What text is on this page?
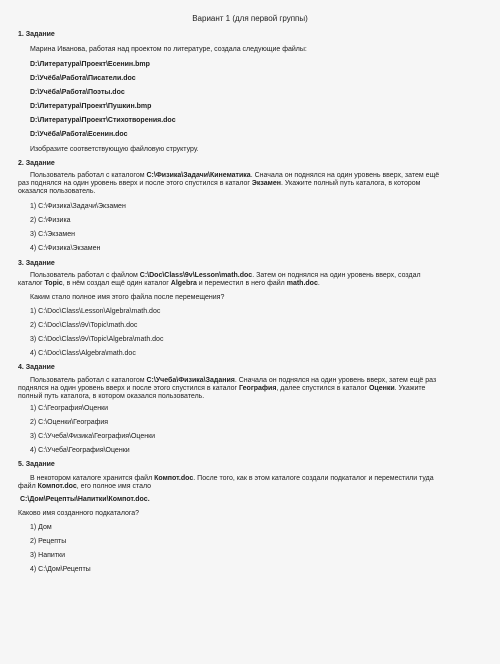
Вариант 1 (для первой группы)
1. Задание
Марина Иванова, работая над проектом по литературе, создала следующие файлы:
D:\Литература\Проект\Есенин.bmp
D:\Учёба\Работа\Писатели.doc
D:\Учёба\Работа\Поэты.doc
D:\Литература\Проект\Пушкин.bmp
D:\Литература\Проект\Стихотворения.doc
D:\Учёба\Работа\Есенин.doc
Изобразите соответствующую файловую структуру.
2. Задание
Пользователь работал с каталогом C:\Физика\Задачи\Кинематика. Сначала он поднялся на один уровень вверх, затем ещё
раз поднялся на один уровень вверх и после этого спустился в каталог Экзамен. Укажите полный путь каталога, в котором
оказался пользователь.
1) C:\Физика\Задачи\Экзамен
2) C:\Физика
3) C:\Экзамен
4) C:\Физика\Экзамен
3. Задание
Пользователь работал с файлом C:\Doc\Class\9v\Lesson\math.doc. Затем он поднялся на один уровень вверх, создал
каталог Topic, в нём создал ещё один каталог Algebra и переместил в него файл math.doc.
Каким стало полное имя этого файла после перемещения?
1) C:\Doc\Class\Lesson\Algebra\math.doc
2) C:\Doc\Class\9v\Topic\math.doc
3) C:\Doc\Class\9v\Topic\Algebra\math.doc
4) C:\Doc\Class\Algebra\math.doc
4. Задание
Пользователь работал с каталогом C:\Учеба\Физика\Задания. Сначала он поднялся на один уровень вверх, затем ещё раз
поднялся на один уровень вверх и после этого спустился в каталог География, далее спустился в каталог Оценки. Укажите
полный путь каталога, в котором оказался пользователь.
1) C:\География\Оценки
2) C:\Оценки\География
3) C:\Учеба\Физика\География\Оценки
4) C:\Учеба\География\Оценки
5. Задание
В некотором каталоге хранится файл Компот.doc. После того, как в этом каталоге создали подкаталог и переместили туда
файл Компот.doc, его полное имя стало
C:\Дом\Рецепты\Напитки\Компот.doc.
Каково имя созданного подкаталога?
1) Дом
2) Рецепты
3) Напитки
4) C:\Дом\Рецепты
